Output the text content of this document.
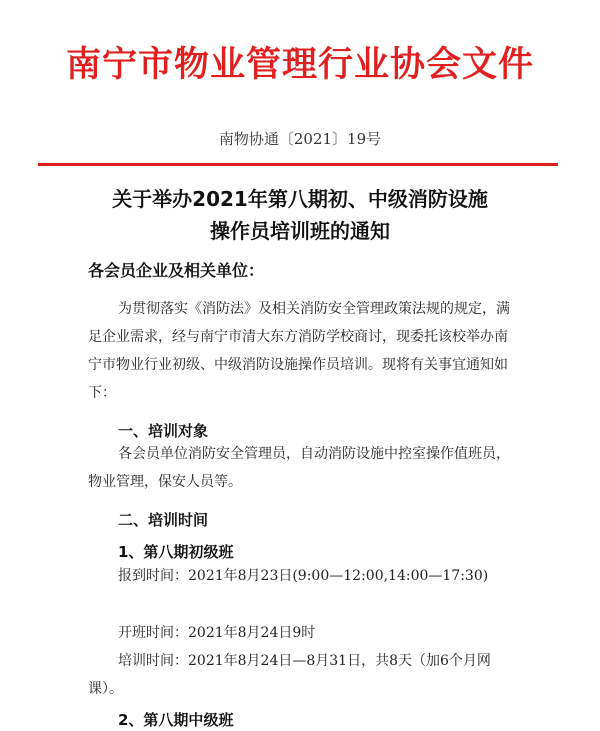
南宁市物业管理行业协会文件
南物协通〔2021〕19号
关于举办2021年第八期初、中级消防设施
操作员培训班的通知
各会员企业及相关单位：
为贯彻落实《消防法》及相关消防安全管理政策法规的规定，满足企业需求，经与南宁市清大东方消防学校商讨，现委托该校举办南宁市物业行业初级、中级消防设施操作员培训。现将有关事宜通知如下：
一、培训对象
各会员单位消防安全管理员，自动消防设施中控室操作值班员，物业管理，保安人员等。
二、培训时间
1、第八期初级班
报到时间：2021年8月23日(9:00—12:00,14:00—17:30)
开班时间：2021年8月24日9时
培训时间：2021年8月24日—8月31日，共8天（加6个月网课）。
2、第八期中级班
